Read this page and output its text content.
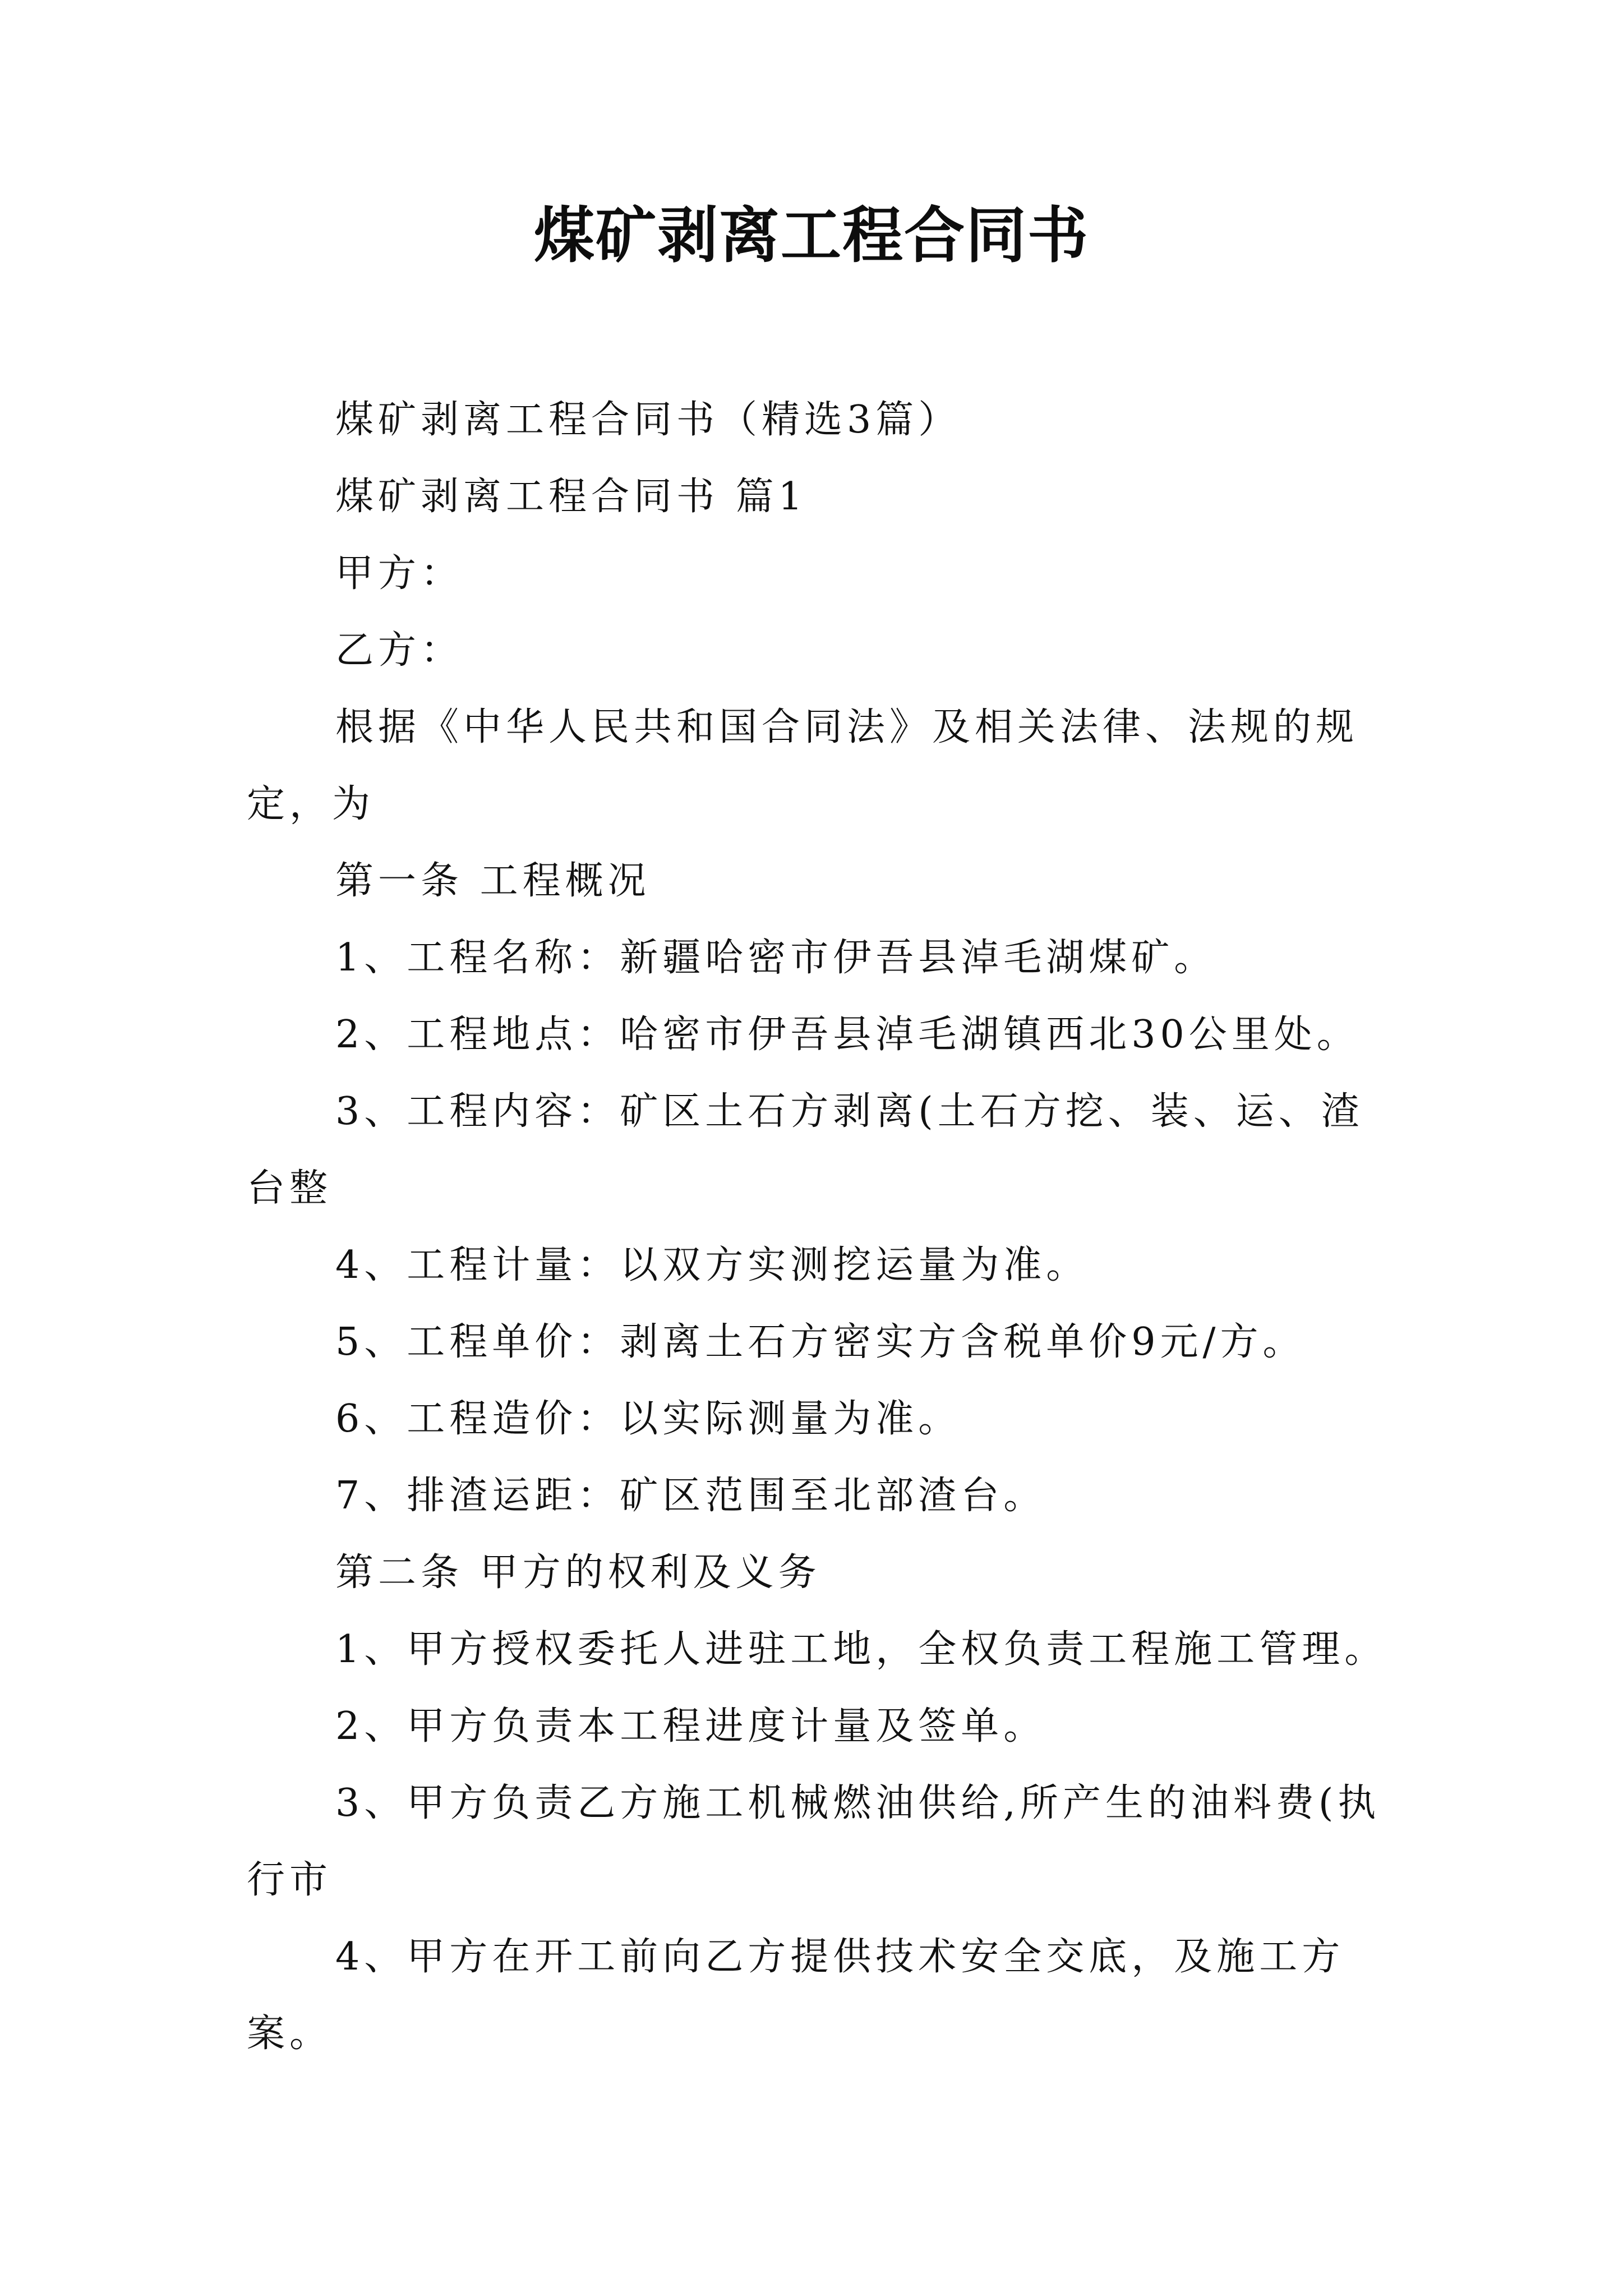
煤矿剥离工程合同书

煤矿剥离工程合同书（精选3篇）

煤矿剥离工程合同书 篇1

甲方：

乙方：

根据《中华人民共和国合同法》及相关法律、法规的规定，为

第一条 工程概况

1、工程名称：新疆哈密市伊吾县淖毛湖煤矿。

2、工程地点：哈密市伊吾县淖毛湖镇西北30公里处。

3、工程内容：矿区土石方剥离(土石方挖、装、运、渣台整

4、工程计量：以双方实测挖运量为准。

5、工程单价：剥离土石方密实方含税单价9元/方。

6、工程造价：以实际测量为准。

7、排渣运距：矿区范围至北部渣台。

第二条 甲方的权利及义务

1、甲方授权委托人进驻工地，全权负责工程施工管理。

2、甲方负责本工程进度计量及签单。

3、甲方负责乙方施工机械燃油供给,所产生的油料费(执行市

4、甲方在开工前向乙方提供技术安全交底，及施工方案。
